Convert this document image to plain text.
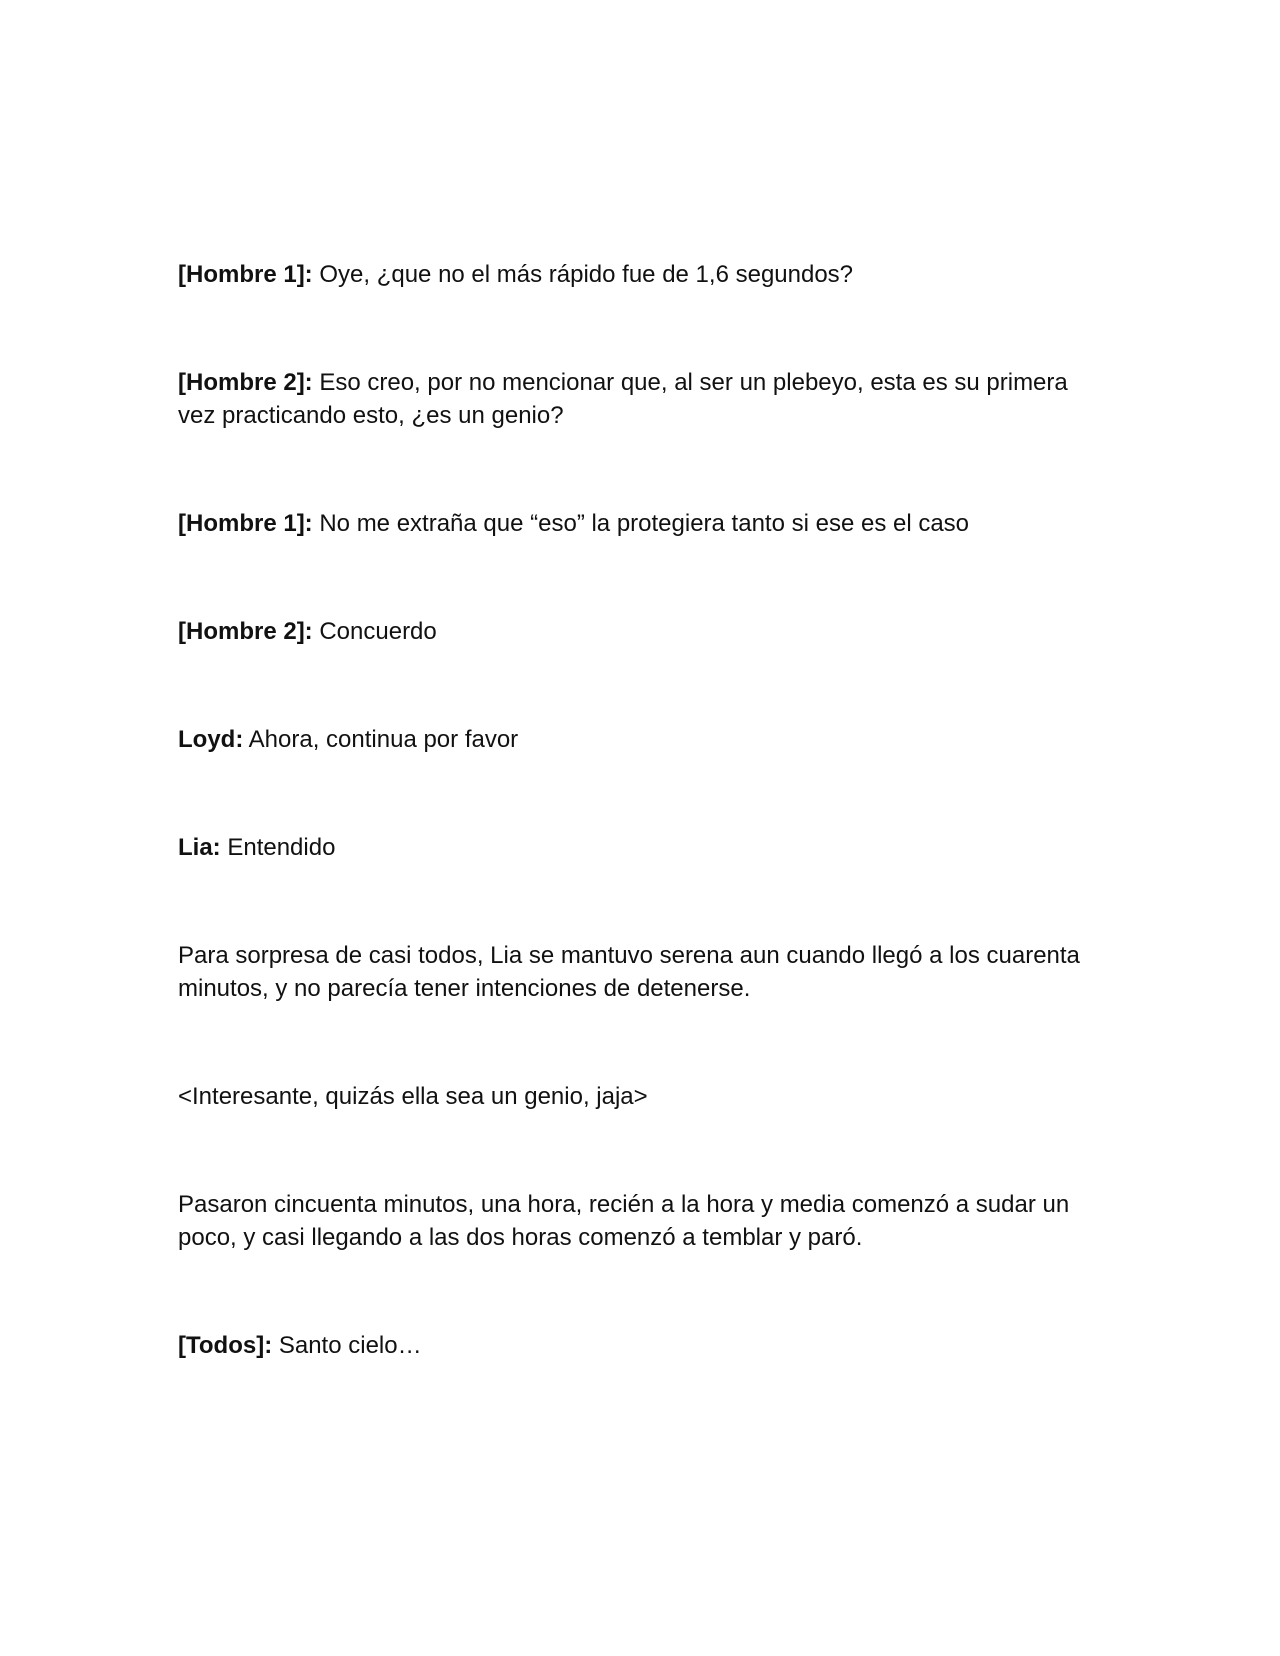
[Hombre 1]: Oye, ¿que no el más rápido fue de 1,6 segundos?

[Hombre 2]: Eso creo, por no mencionar que, al ser un plebeyo, esta es su primera vez practicando esto, ¿es un genio?

[Hombre 1]: No me extraña que “eso” la protegiera tanto si ese es el caso

[Hombre 2]: Concuerdo

Loyd: Ahora, continua por favor

Lia: Entendido

Para sorpresa de casi todos, Lia se mantuvo serena aun cuando llegó a los cuarenta minutos, y no parecía tener intenciones de detenerse.

<Interesante, quizás ella sea un genio, jaja>

Pasaron cincuenta minutos, una hora, recién a la hora y media comenzó a sudar un poco, y casi llegando a las dos horas comenzó a temblar y paró.

[Todos]: Santo cielo…
